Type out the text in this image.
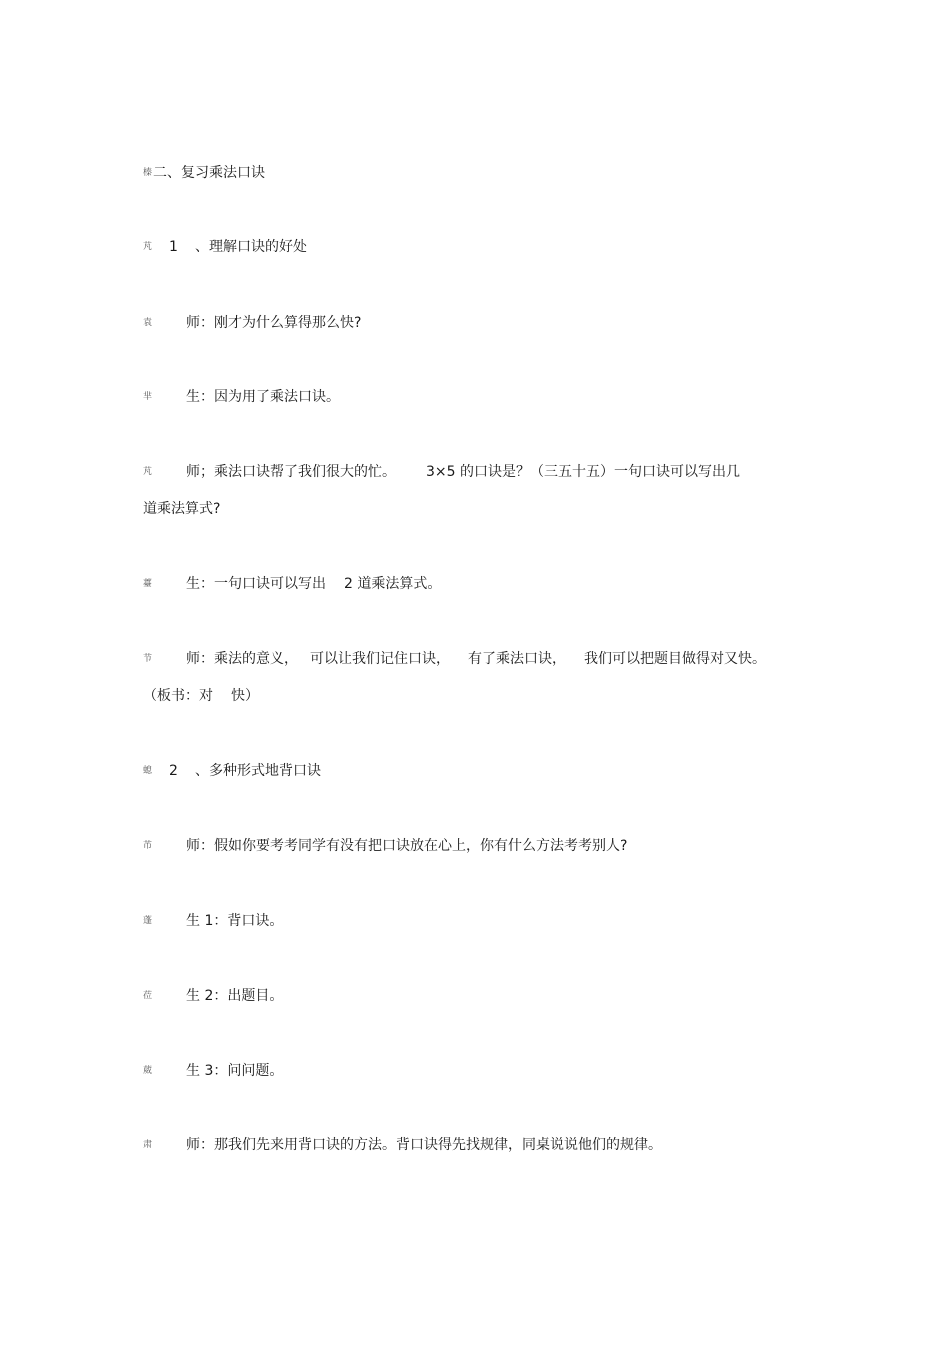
榛二、复习乘法口诀
芃 1 、理解口诀的好处
袁 师：刚才为什么算得那么快?
芈 生：因为用了乘法口诀。
芃 师；乘法口诀帮了我们很大的忙。 3×5 的口诀是？（三五十五）一句口诀可以写出几
道乘法算式?
薹 生：一句口诀可以写出 2 道乘法算式。
节 师：乘法的意义， 可以让我们记住口诀， 有了乘法口诀， 我们可以把题目做得对又快。
（板书：对 快）
螅 2 、多种形式地背口诀
芇 师：假如你要考考同学有没有把口诀放在心上，你有什么方法考考别人?
蓬 生 1：背口诀。
莅 生 2：出题目。
葳 生 3：问问题。
肃 师：那我们先来用背口诀的方法。背口诀得先找规律，同桌说说他们的规律。
